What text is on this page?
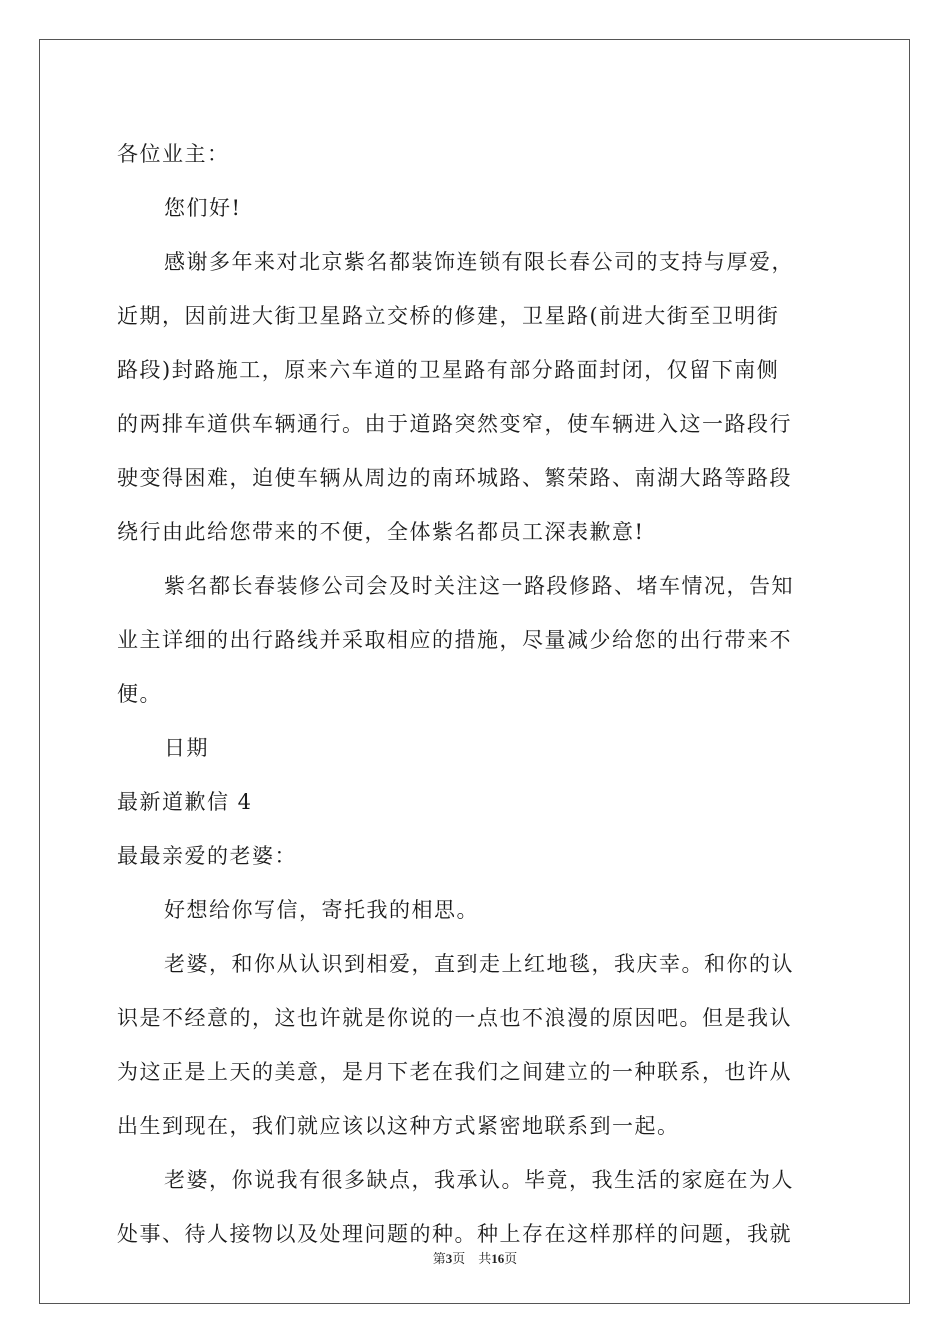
各位业主：
您们好!
感谢多年来对北京紫名都装饰连锁有限长春公司的支持与厚爱，
近期，因前进大街卫星路立交桥的修建，卫星路(前进大街至卫明街
路段)封路施工，原来六车道的卫星路有部分路面封闭，仅留下南侧
的两排车道供车辆通行。由于道路突然变窄，使车辆进入这一路段行
驶变得困难，迫使车辆从周边的南环城路、繁荣路、南湖大路等路段
绕行由此给您带来的不便，全体紫名都员工深表歉意!
紫名都长春装修公司会及时关注这一路段修路、堵车情况，告知
业主详细的出行路线并采取相应的措施，尽量减少给您的出行带来不
便。
日期
最新道歉信 4
最最亲爱的老婆：
好想给你写信，寄托我的相思。
老婆，和你从认识到相爱，直到走上红地毯，我庆幸。和你的认
识是不经意的，这也许就是你说的一点也不浪漫的原因吧。但是我认
为这正是上天的美意，是月下老在我们之间建立的一种联系，也许从
出生到现在，我们就应该以这种方式紧密地联系到一起。
老婆，你说我有很多缺点，我承认。毕竟，我生活的家庭在为人
处事、待人接物以及处理问题的种。种上存在这样那样的问题，我就
第3页　共16页
